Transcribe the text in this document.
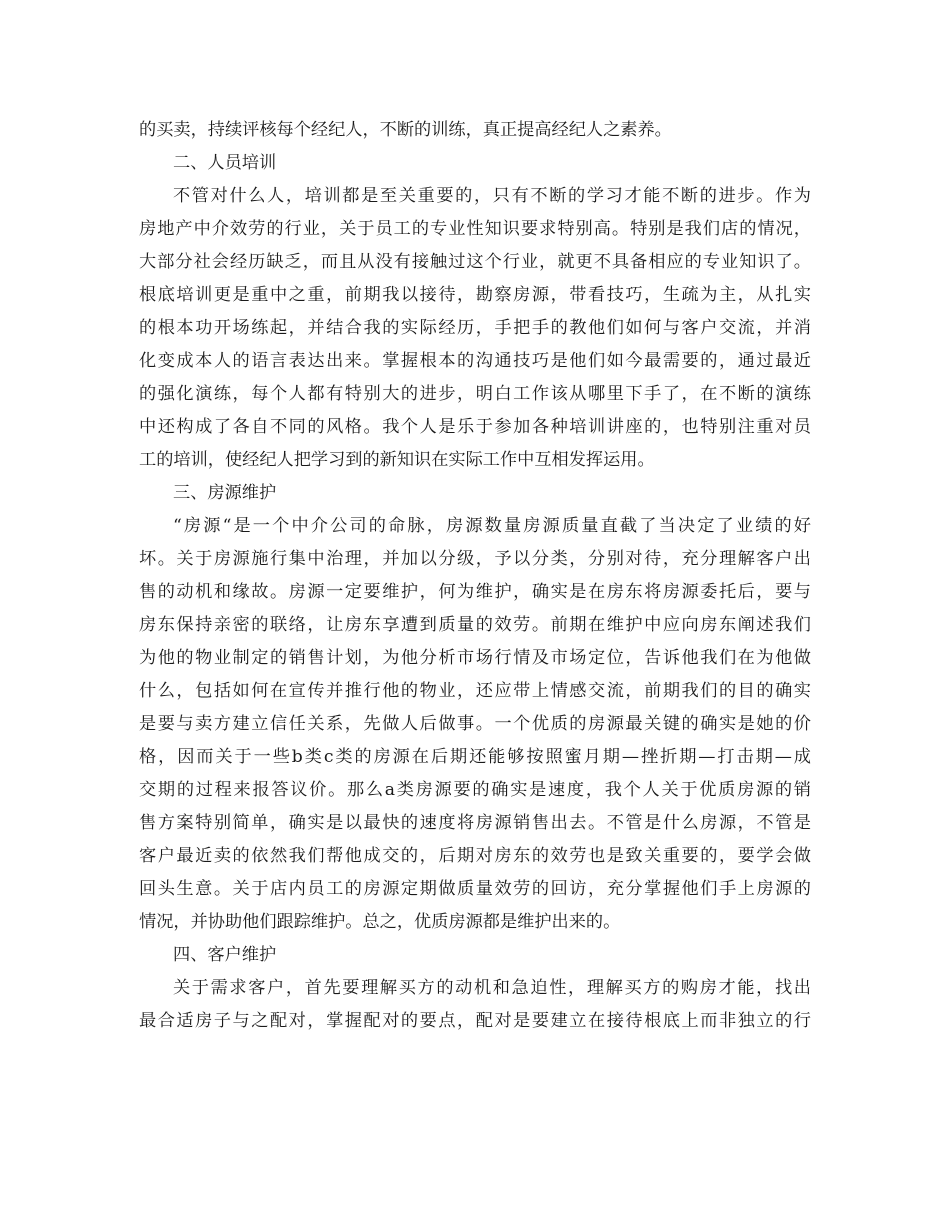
的买卖，持续评核每个经纪人，不断的训练，真正提高经纪人之素养。
二、人员培训
不管对什么人，培训都是至关重要的，只有不断的学习才能不断的进步。作为
房地产中介效劳的行业，关于员工的专业性知识要求特别高。特别是我们店的情况，
大部分社会经历缺乏，而且从没有接触过这个行业，就更不具备相应的专业知识了。
根底培训更是重中之重，前期我以接待，勘察房源，带看技巧，生疏为主，从扎实
的根本功开场练起，并结合我的实际经历，手把手的教他们如何与客户交流，并消
化变成本人的语言表达出来。掌握根本的沟通技巧是他们如今最需要的，通过最近
的强化演练，每个人都有特别大的进步，明白工作该从哪里下手了，在不断的演练
中还构成了各自不同的风格。我个人是乐于参加各种培训讲座的，也特别注重对员
工的培训，使经纪人把学习到的新知识在实际工作中互相发挥运用。
三、房源维护
“房源“是一个中介公司的命脉，房源数量房源质量直截了当决定了业绩的好
坏。关于房源施行集中治理，并加以分级，予以分类，分别对待，充分理解客户出
售的动机和缘故。房源一定要维护，何为维护，确实是在房东将房源委托后，要与
房东保持亲密的联络，让房东享遭到质量的效劳。前期在维护中应向房东阐述我们
为他的物业制定的销售计划，为他分析市场行情及市场定位，告诉他我们在为他做
什么，包括如何在宣传并推行他的物业，还应带上情感交流，前期我们的目的确实
是要与卖方建立信任关系，先做人后做事。一个优质的房源最关键的确实是她的价
格，因而关于一些b类c类的房源在后期还能够按照蜜月期—挫折期—打击期—成
交期的过程来报答议价。那么a类房源要的确实是速度，我个人关于优质房源的销
售方案特别简单，确实是以最快的速度将房源销售出去。不管是什么房源，不管是
客户最近卖的依然我们帮他成交的，后期对房东的效劳也是致关重要的，要学会做
回头生意。关于店内员工的房源定期做质量效劳的回访，充分掌握他们手上房源的
情况，并协助他们跟踪维护。总之，优质房源都是维护出来的。
四、客户维护
关于需求客户，首先要理解买方的动机和急迫性，理解买方的购房才能，找出
最合适房子与之配对，掌握配对的要点，配对是要建立在接待根底上而非独立的行
